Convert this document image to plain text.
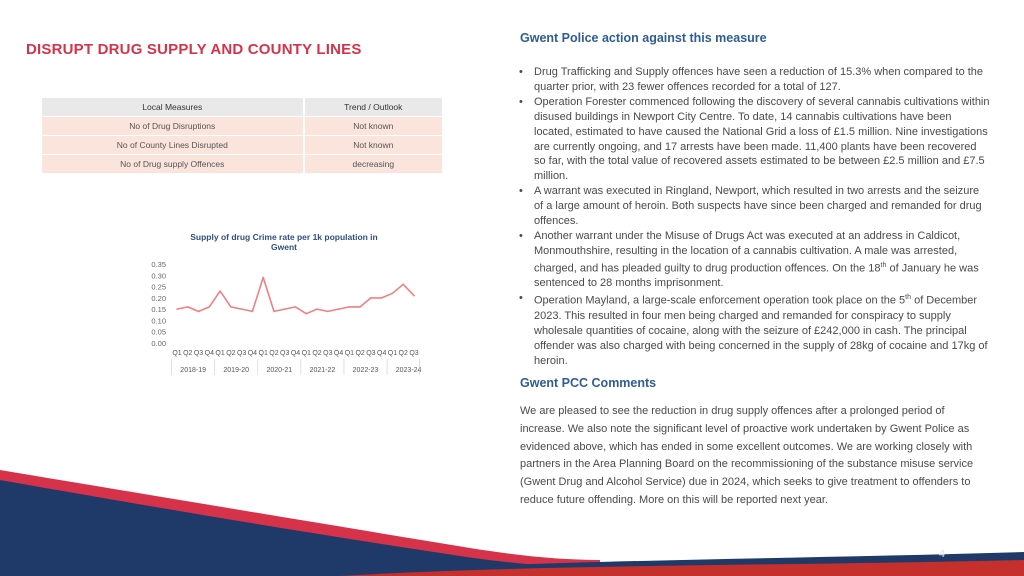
DISRUPT DRUG SUPPLY AND COUNTY LINES
Local Measures	Trend / Outlook
No of Drug Disruptions	Not known
No of County Lines Disrupted	Not known
No of Drug supply Offences	decreasing
Supply of drug Crime rate per 1k population in
Gwent
0.00
0.05
0.10
0.15
0.20
0.25
0.30
0.35
Q1 Q2 Q3 Q4 Q1 Q2 Q3 Q4 Q1 Q2 Q3 Q4 Q1 Q2 Q3 Q4 Q1 Q2 Q3 Q4 Q1 Q2 Q3
2018-19 2019-20 2020-21 2021-22 2022-23 2023-24
Gwent Police action against this measure
• Drug Trafficking and Supply offences have seen a reduction of 15.3% when compared to the quarter prior, with 23 fewer offences recorded for a total of 127.
• Operation Forester commenced following the discovery of several cannabis cultivations within disused buildings in Newport City Centre. To date, 14 cannabis cultivations have been located, estimated to have caused the National Grid a loss of £1.5 million. Nine investigations are currently ongoing, and 17 arrests have been made. 11,400 plants have been recovered so far, with the total value of recovered assets estimated to be between £2.5 million and £7.5 million.
• A warrant was executed in Ringland, Newport, which resulted in two arrests and the seizure of a large amount of heroin. Both suspects have since been charged and remanded for drug offences.
• Another warrant under the Misuse of Drugs Act was executed at an address in Caldicot, Monmouthshire, resulting in the location of a cannabis cultivation. A male was arrested, charged, and has pleaded guilty to drug production offences. On the 18th of January he was sentenced to 28 months imprisonment.
• Operation Mayland, a large-scale enforcement operation took place on the 5th of December 2023. This resulted in four men being charged and remanded for conspiracy to supply wholesale quantities of cocaine, along with the seizure of £242,000 in cash. The principal offender was also charged with being concerned in the supply of 28kg of cocaine and 17kg of heroin.
Gwent PCC Comments

We are pleased to see the reduction in drug supply offences after a prolonged period of increase. We also note the significant level of proactive work undertaken by Gwent Police as evidenced above, which has ended in some excellent outcomes. We are working closely with partners in the Area Planning Board on the recommissioning of the substance misuse service (Gwent Drug and Alcohol Service) due in 2024, which seeks to give treatment to offenders to reduce future offending. More on this will be reported next year.

4
